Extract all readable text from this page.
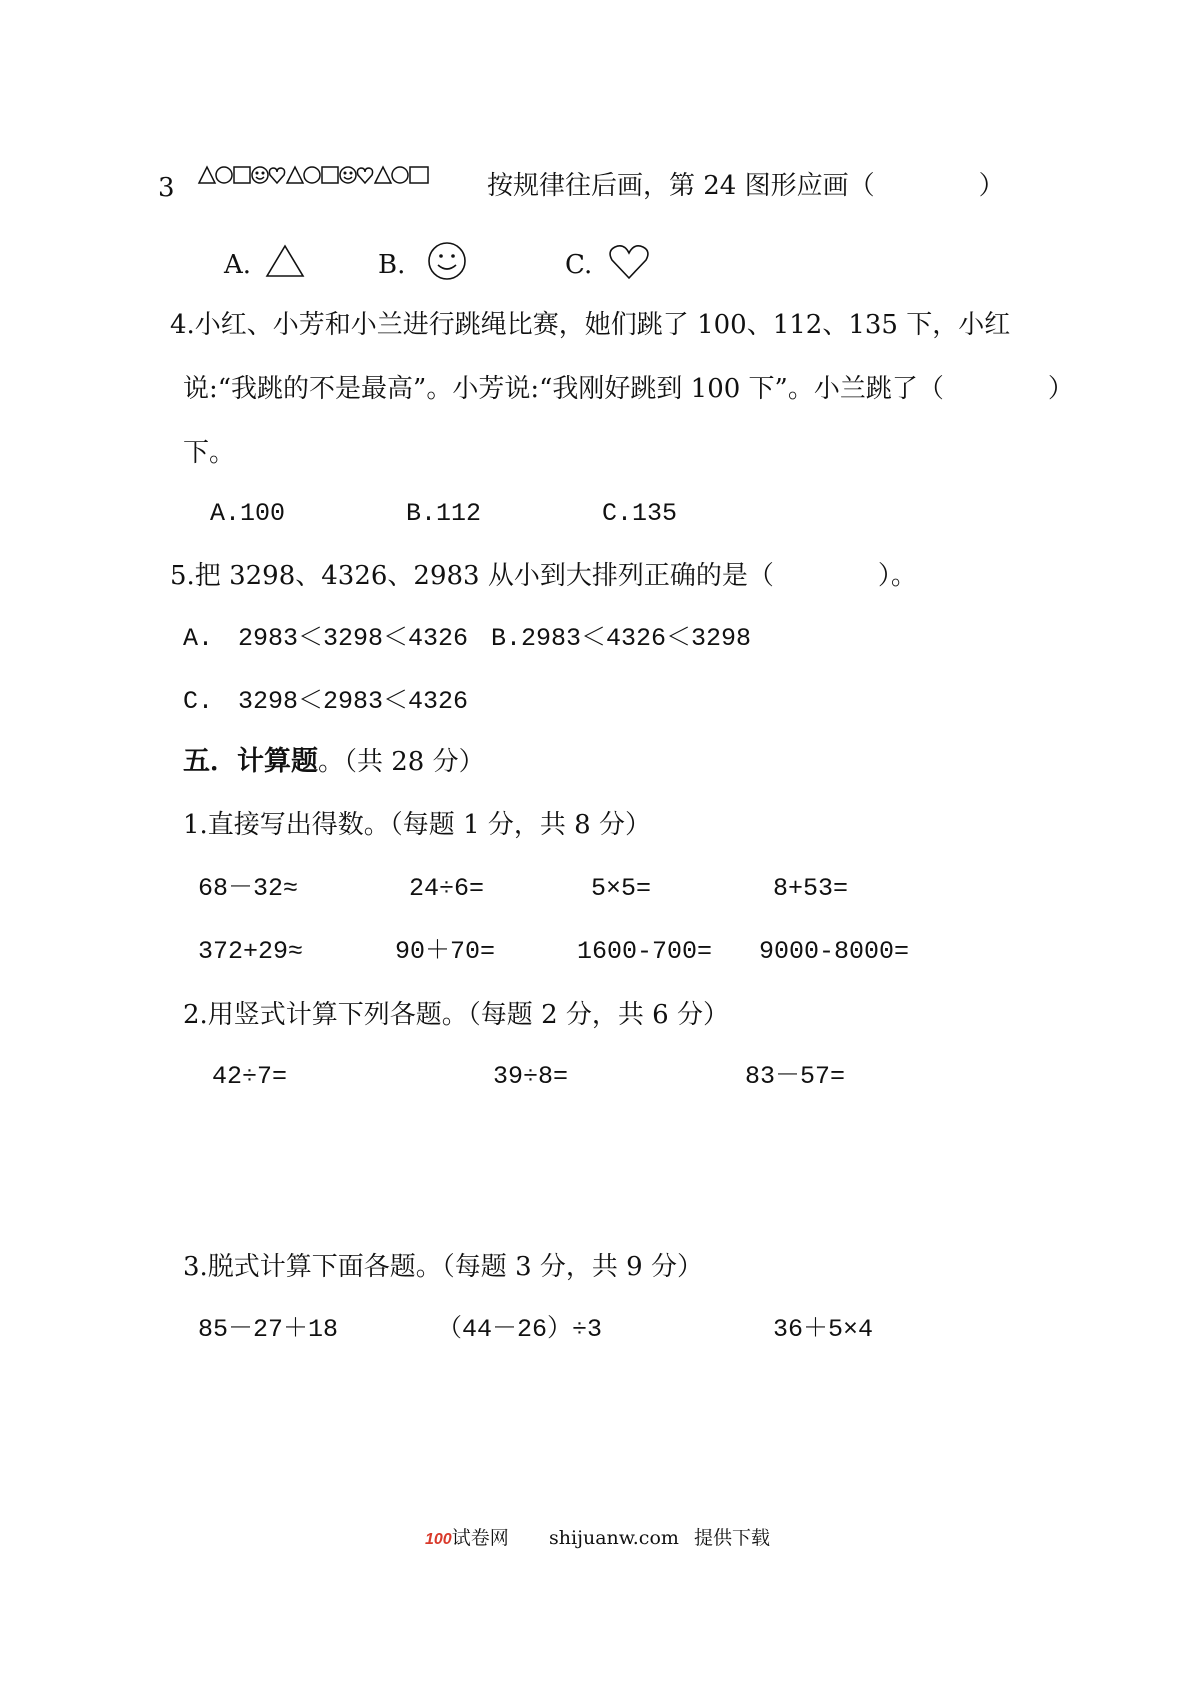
3	按规律往后画，第 24 图形应画（　　　　）
A.	B.	C.
4.小红、小芳和小兰进行跳绳比赛，她们跳了 100、112、135 下，小红
说:“我跳的不是最高”。小芳说:“我刚好跳到 100 下”。小兰跳了（　　　　）
下。
A.100	B.112	C.135
5.把 3298、4326、2983 从小到大排列正确的是（　　　　）。
A.　2983＜3298＜4326 B.2983＜4326＜3298
C.　3298＜2983＜4326
五．计算题。（共 28 分）
1.直接写出得数。（每题 1 分，共 8 分）
68－32≈	24÷6=	5×5=	8+53=
372+29≈	90＋70=	1600-700= 9000-8000=
2.用竖式计算下列各题。（每题 2 分，共 6 分）
42÷7=	39÷8=	83－57=
3.脱式计算下面各题。（每题 3 分，共 9 分）
85－27＋18	（44－26）÷3	36＋5×4
100试卷网 shijuanw.com 提供下载
